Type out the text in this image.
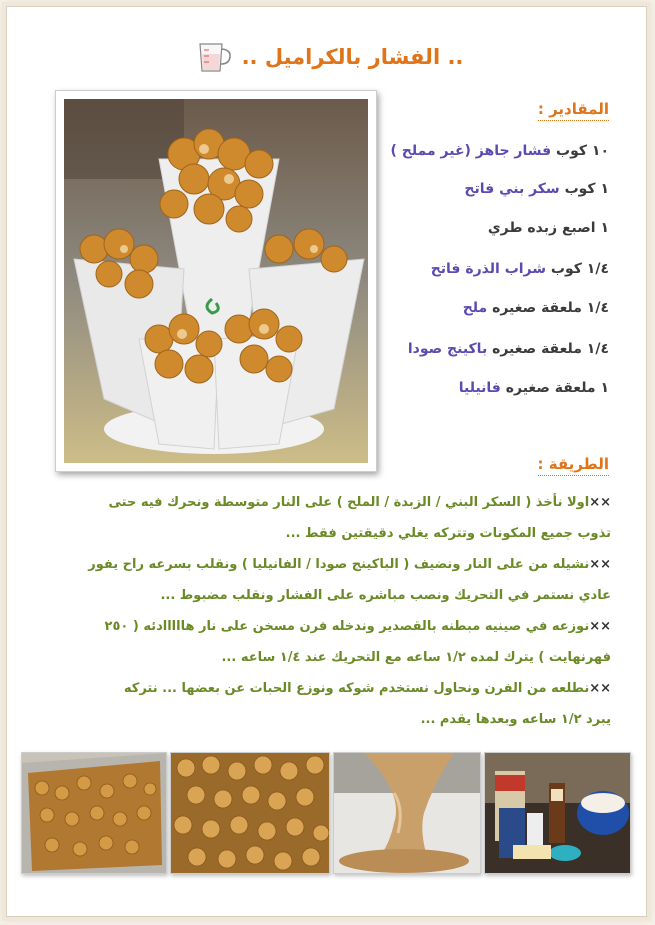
.. الفشار بالكراميل ..
المقادير :
١٠ كوب فشار جاهز (غير مملح )
١ كوب سكر بني فاتح
١ اصبع زبده طري
١/٤ كوب شراب الذرة فاتح
١/٤ ملعقة صغيره ملح
١/٤ ملعقة صغيره باكينج صودا
١ ملعقة صغيره فانيليا
الطريقة :
××اولا نأخذ ( السكر البني / الزبدة / الملح ) على النار متوسطة ونحرك فيه حتى
تذوب جميع المكونات وتتركه يغلي دقيقتين فقط ...
××نشيله من على النار ونضيف ( الباكينج صودا / الفانيليا ) ونقلب بسرعه راح يفور
عادي نستمر في التحريك ونصب مباشره على الفشار ونقلب مضبوط ...
××نوزعه في صينيه مبطنه بالقصدير وندخله فرن مسخن على نار هااااادئه ( ٢٥٠
فهرنهايت ) يترك لمده ١/٢ ساعه مع التحريك عند ١/٤ ساعه ...
××نطلعه من الفرن ونحاول نستخدم شوكه ونوزع الحبات عن بعضها ... نتركه
يبرد ١/٢ ساعه وبعدها يقدم ...
